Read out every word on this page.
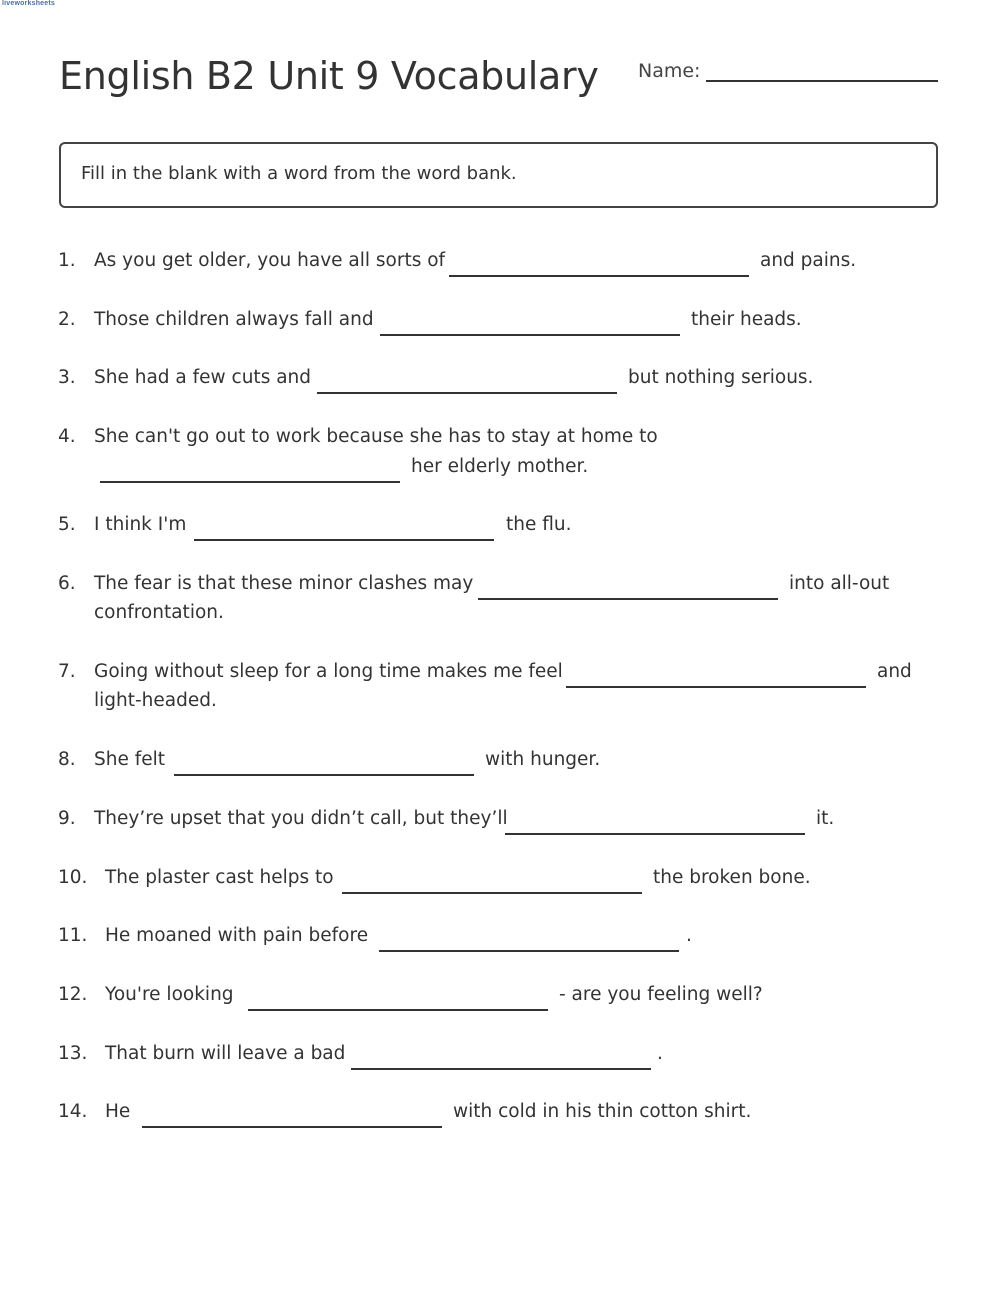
liveworksheets
English B2 Unit 9 Vocabulary Name:
Fill in the blank with a word from the word bank.
1. As you get older, you have all sorts of	and pains.
2. Those children always fall and	their heads.
3. She had a few cuts and	but nothing serious.
4. She can't go out to work because she has to stay at home to
her elderly mother.
5. I think I'm	the flu.
6. The fear is that these minor clashes may	into all-out
confrontation.
7. Going without sleep for a long time makes me feel	and
light-headed.
8. She felt	with hunger.
9. They’re upset that you didn’t call, but they’ll	it.
10. The plaster cast helps to	the broken bone.
11. He moaned with pain before	.
12. You're looking	- are you feeling well?
13. That burn will leave a bad	.
14. He	with cold in his thin cotton shirt.
